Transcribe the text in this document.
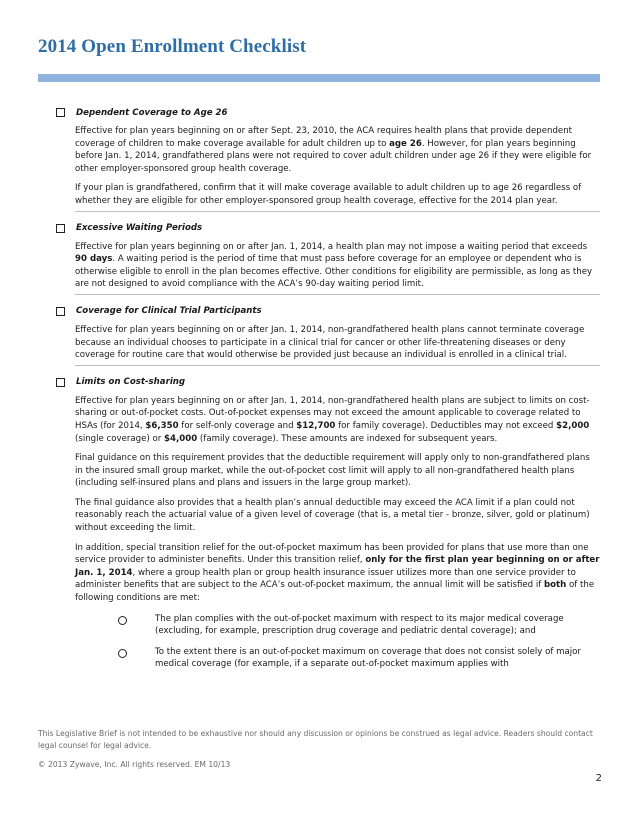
2014 Open Enrollment Checklist
Dependent Coverage to Age 26
Effective for plan years beginning on or after Sept. 23, 2010, the ACA requires health plans that provide dependent coverage of children to make coverage available for adult children up to age 26. However, for plan years beginning before Jan. 1, 2014, grandfathered plans were not required to cover adult children under age 26 if they were eligible for other employer-sponsored group health coverage.
If your plan is grandfathered, confirm that it will make coverage available to adult children up to age 26 regardless of whether they are eligible for other employer-sponsored group health coverage, effective for the 2014 plan year.
Excessive Waiting Periods
Effective for plan years beginning on or after Jan. 1, 2014, a health plan may not impose a waiting period that exceeds 90 days. A waiting period is the period of time that must pass before coverage for an employee or dependent who is otherwise eligible to enroll in the plan becomes effective. Other conditions for eligibility are permissible, as long as they are not designed to avoid compliance with the ACA’s 90-day waiting period limit.
Coverage for Clinical Trial Participants
Effective for plan years beginning on or after Jan. 1, 2014, non-grandfathered health plans cannot terminate coverage because an individual chooses to participate in a clinical trial for cancer or other life-threatening diseases or deny coverage for routine care that would otherwise be provided just because an individual is enrolled in a clinical trial.
Limits on Cost-sharing
Effective for plan years beginning on or after Jan. 1, 2014, non-grandfathered health plans are subject to limits on cost-sharing or out-of-pocket costs. Out-of-pocket expenses may not exceed the amount applicable to coverage related to HSAs (for 2014, $6,350 for self-only coverage and $12,700 for family coverage). Deductibles may not exceed $2,000 (single coverage) or $4,000 (family coverage). These amounts are indexed for subsequent years.
Final guidance on this requirement provides that the deductible requirement will apply only to non-grandfathered plans in the insured small group market, while the out-of-pocket cost limit will apply to all non-grandfathered health plans (including self-insured plans and plans and issuers in the large group market).
The final guidance also provides that a health plan’s annual deductible may exceed the ACA limit if a plan could not reasonably reach the actuarial value of a given level of coverage (that is, a metal tier - bronze, silver, gold or platinum) without exceeding the limit.
In addition, special transition relief for the out-of-pocket maximum has been provided for plans that use more than one service provider to administer benefits. Under this transition relief, only for the first plan year beginning on or after Jan. 1, 2014, where a group health plan or group health insurance issuer utilizes more than one service provider to administer benefits that are subject to the ACA’s out-of-pocket maximum, the annual limit will be satisfied if both of the following conditions are met:
The plan complies with the out-of-pocket maximum with respect to its major medical coverage (excluding, for example, prescription drug coverage and pediatric dental coverage); and
To the extent there is an out-of-pocket maximum on coverage that does not consist solely of major medical coverage (for example, if a separate out-of-pocket maximum applies with
This Legislative Brief is not intended to be exhaustive nor should any discussion or opinions be construed as legal advice. Readers should contact legal counsel for legal advice.
© 2013 Zywave, Inc. All rights reserved. EM 10/13
2
